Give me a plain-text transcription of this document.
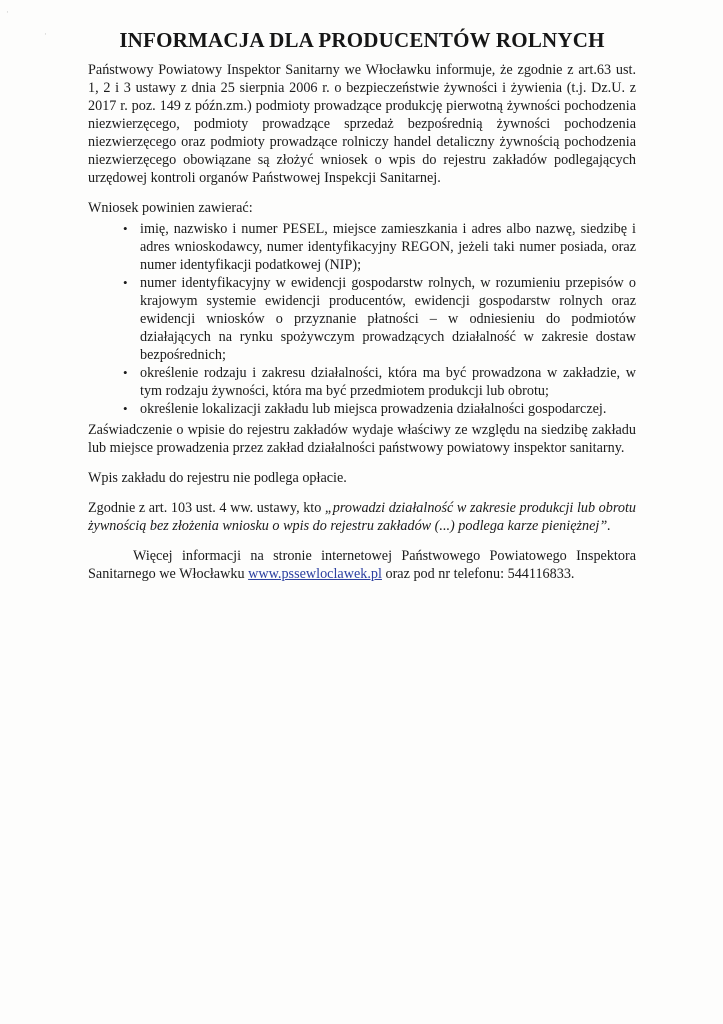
·
·
INFORMACJA DLA PRODUCENTÓW ROLNYCH

Państwowy Powiatowy Inspektor Sanitarny we Włocławku informuje, że zgodnie z art.63 ust. 1, 2 i 3 ustawy z dnia 25 sierpnia 2006 r. o bezpieczeństwie żywności i żywienia (t.j. Dz.U. z 2017 r. poz. 149 z późn.zm.) podmioty prowadzące produkcję pierwotną żywności pochodzenia niezwierzęcego, podmioty prowadzące sprzedaż bezpośrednią żywności pochodzenia niezwierzęcego oraz podmioty prowadzące rolniczy handel detaliczny żywnością pochodzenia niezwierzęcego obowiązane są złożyć wniosek o wpis do rejestru zakładów podlegających urzędowej kontroli organów Państwowej Inspekcji Sanitarnej.

Wniosek powinien zawierać:

• imię, nazwisko i numer PESEL, miejsce zamieszkania i adres albo nazwę, siedzibę i adres wnioskodawcy, numer identyfikacyjny REGON, jeżeli taki numer posiada, oraz numer identyfikacji podatkowej (NIP);
• numer identyfikacyjny w ewidencji gospodarstw rolnych, w rozumieniu przepisów o krajowym systemie ewidencji producentów, ewidencji gospodarstw rolnych oraz ewidencji wniosków o przyznanie płatności – w odniesieniu do podmiotów działających na rynku spożywczym prowadzących działalność w zakresie dostaw bezpośrednich;
• określenie rodzaju i zakresu działalności, która ma być prowadzona w zakładzie, w tym rodzaju żywności, która ma być przedmiotem produkcji lub obrotu;
• określenie lokalizacji zakładu lub miejsca prowadzenia działalności gospodarczej.

Zaświadczenie o wpisie do rejestru zakładów wydaje właściwy ze względu na siedzibę zakładu lub miejsce prowadzenia przez zakład działalności państwowy powiatowy inspektor sanitarny.

Wpis zakładu do rejestru nie podlega opłacie.

Zgodnie z art. 103 ust. 4 ww. ustawy, kto „prowadzi działalność w zakresie produkcji lub obrotu żywnością bez złożenia wniosku o wpis do rejestru zakładów (...) podlega karze pieniężnej”.

Więcej informacji na stronie internetowej Państwowego Powiatowego Inspektora Sanitarnego we Włocławku www.pssewloclawek.pl oraz pod nr telefonu: 544116833.
